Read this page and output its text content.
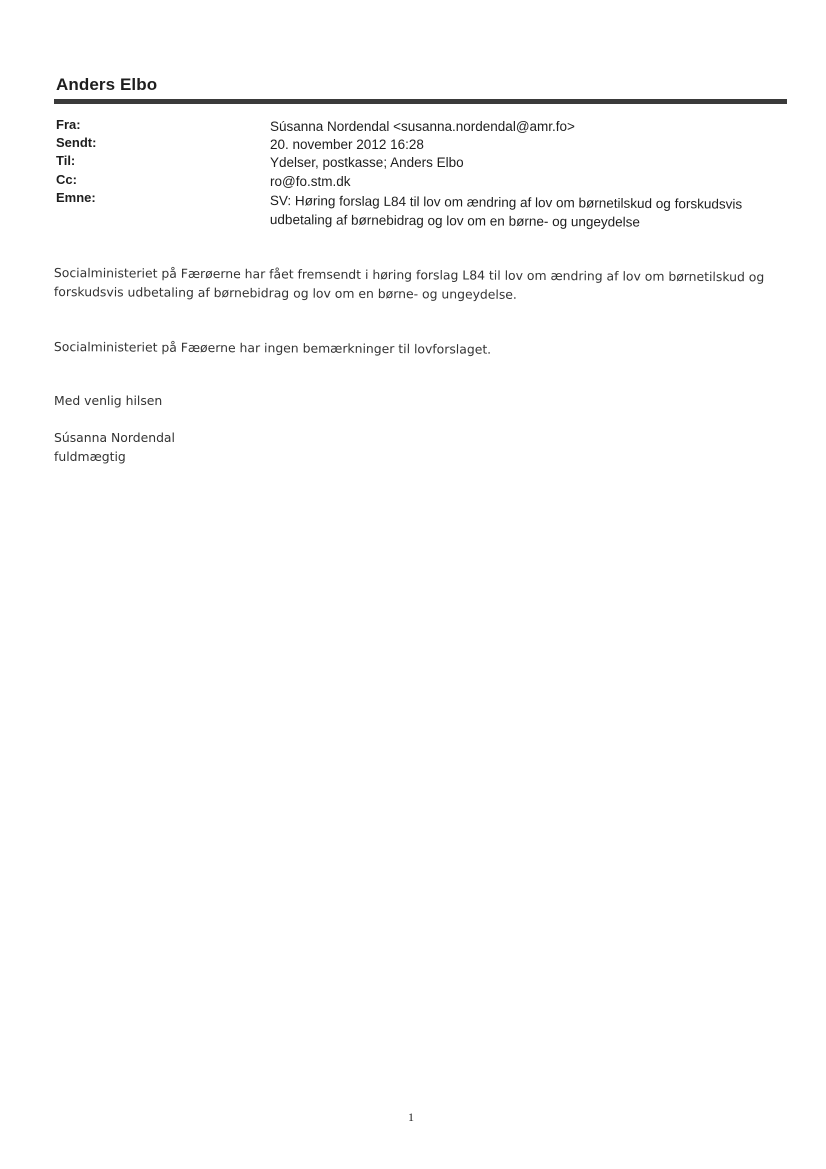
Anders Elbo
Fra:	Súsanna Nordendal <susanna.nordendal@amr.fo>
Sendt:	20. november 2012 16:28
Til:	Ydelser, postkasse; Anders Elbo
Cc:	ro@fo.stm.dk
Emne:	SV: Høring forslag L84 til lov om ændring af lov om børnetilskud og forskudsvis
udbetaling af børnebidrag og lov om en børne- og ungeydelse
Socialministeriet på Færøerne har fået fremsendt i høring forslag L84 til lov om ændring af lov om børnetilskud og
forskudsvis udbetaling af børnebidrag og lov om en børne- og ungeydelse.
Socialministeriet på Fæøerne har ingen bemærkninger til lovforslaget.
Med venlig hilsen
Súsanna Nordendal
fuldmægtig
1
